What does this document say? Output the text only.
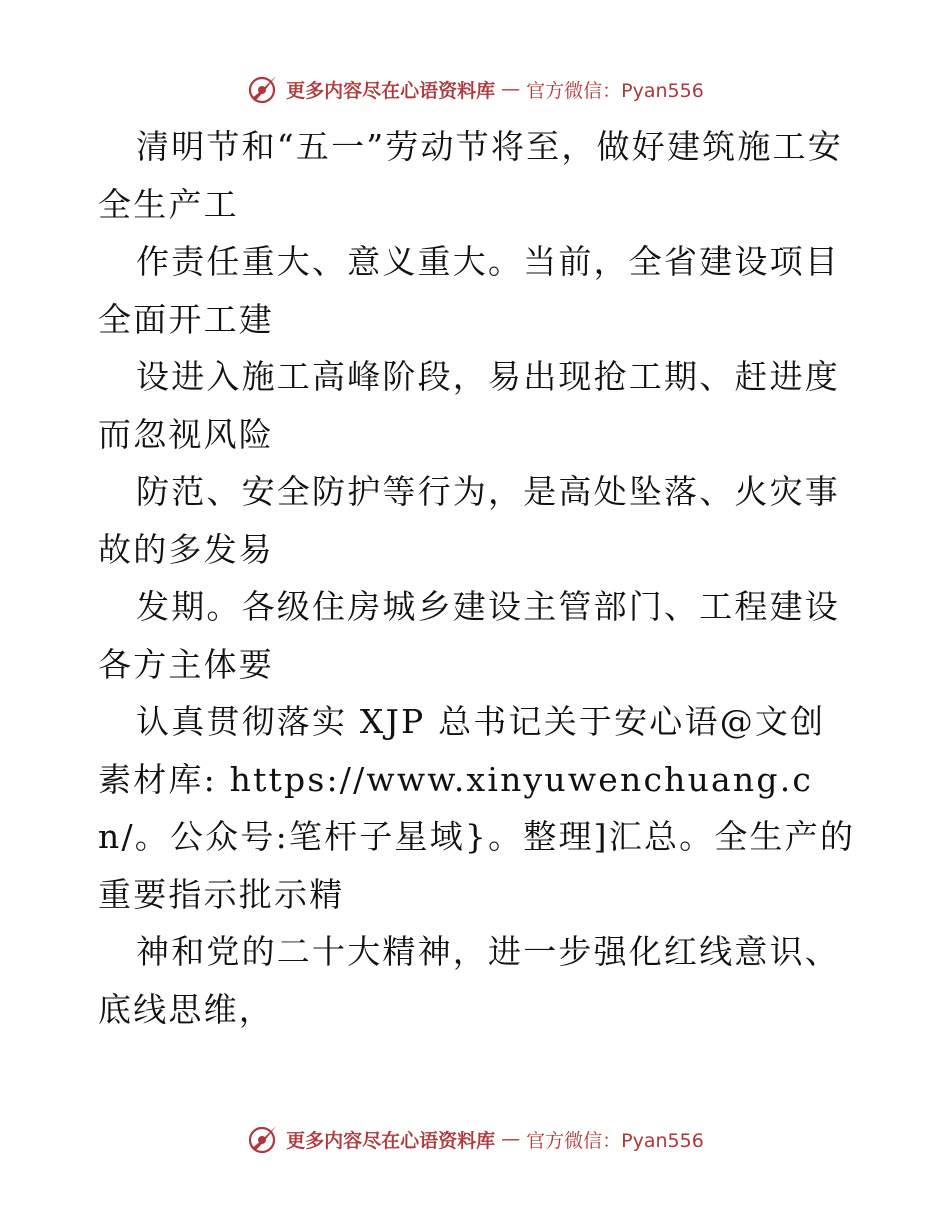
更多内容尽在心语资料库 — 官方微信：Pyan556

清明节和“五一”劳动节将至，做好建筑施工安全生产工

作责任重大、意义重大。当前，全省建设项目全面开工建

设进入施工高峰阶段，易出现抢工期、赶进度而忽视风险

防范、安全防护等行为，是高处坠落、火灾事故的多发易

发期。各级住房城乡建设主管部门、工程建设各方主体要

认真贯彻落实 XJP 总书记关于安心语@文创素材库: https://www.xinyuwenchuang.cn/。公众号:笔杆子星域}。整理]汇总。全生产的重要指示批示精

神和党的二十大精神，进一步强化红线意识、底线思维，

更多内容尽在心语资料库 — 官方微信：Pyan556
